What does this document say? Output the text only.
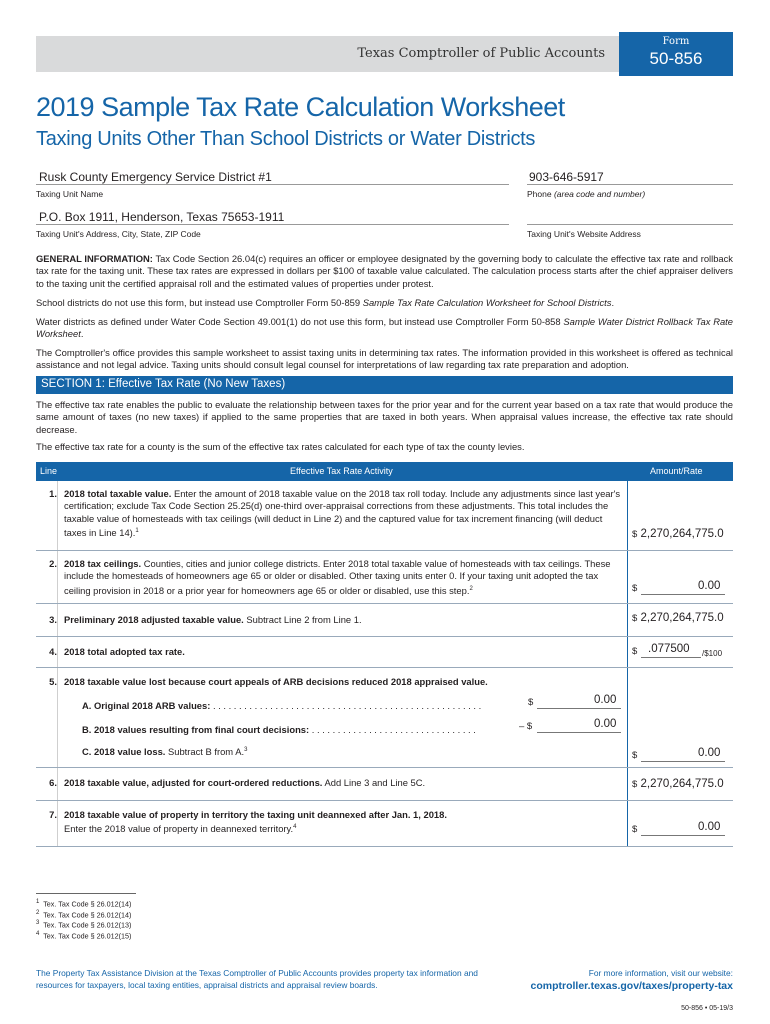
Texas Comptroller of Public Accounts
Form
50-856
2019 Sample Tax Rate Calculation Worksheet
Taxing Units Other Than School Districts or Water Districts
Rusk County Emergency Service District #1
Taxing Unit Name
903-646-5917
Phone (area code and number)
P.O. Box 1911, Henderson, Texas 75653-1911
Taxing Unit's Address, City, State, ZIP Code	Taxing Unit's Website Address
GENERAL INFORMATION: Tax Code Section 26.04(c) requires an officer or employee designated by the governing body to calculate the effective tax rate and rollback tax rate for the taxing unit. These tax rates are expressed in dollars per $100 of taxable value calculated. The calculation process starts after the chief appraiser delivers to the taxing unit the certified appraisal roll and the estimated values of properties under protest.
School districts do not use this form, but instead use Comptroller Form 50-859 Sample Tax Rate Calculation Worksheet for School Districts.
Water districts as defined under Water Code Section 49.001(1) do not use this form, but instead use Comptroller Form 50-858 Sample Water District Rollback Tax Rate Worksheet.
The Comptroller's office provides this sample worksheet to assist taxing units in determining tax rates. The information provided in this worksheet is offered as technical assistance and not legal advice. Taxing units should consult legal counsel for interpretations of law regarding tax rate preparation and adoption.
SECTION 1: Effective Tax Rate (No New Taxes)
The effective tax rate enables the public to evaluate the relationship between taxes for the prior year and for the current year based on a tax rate that would produce the same amount of taxes (no new taxes) if applied to the same properties that are taxed in both years. When appraisal values increase, the effective tax rate should decrease.
The effective tax rate for a county is the sum of the effective tax rates calculated for each type of tax the county levies.
Line	Effective Tax Rate Activity	Amount/Rate
1. 2018 total taxable value. Enter the amount of 2018 taxable value on the 2018 tax roll today. Include any adjustments since last year's certification; exclude Tax Code Section 25.25(d) one-third over-appraisal corrections from these adjustments. This total includes the taxable value of homesteads with tax ceilings (will deduct in Line 2) and the captured value for tax increment financing (will deduct taxes in Line 14).$^1$	$ 2,270,264,775.0
2. 2018 tax ceilings. Counties, cities and junior college districts. Enter 2018 total taxable value of homesteads with tax ceilings. These include the homesteads of homeowners age 65 or older or disabled. Other taxing units enter 0. If your taxing unit adopted the tax ceiling provision in 2018 or a prior year for homeowners age 65 or older or disabled, use this step.$^2$	$	0.00
3. Preliminary 2018 adjusted taxable value. Subtract Line 2 from Line 1.	$ 2,270,264,775.0
4. 2018 total adopted tax rate.	$ .077500 /$100
5. 2018 taxable value lost because court appeals of ARB decisions reduced 2018 appraised value.
A. Original 2018 ARB values: . . . . . . . . . . . . . . . . . . . . . . . . . . . . . . . . . . . . . . . . . . . . . . . . . . . .	$	0.00
B. 2018 values resulting from final court decisions: . . . . . . . . . . . . . . . . . . . . . . . . . . . . . . . .	– $	0.00
C. 2018 value loss. Subtract B from A.$^3$
$	0.00
6. 2018 taxable value, adjusted for court-ordered reductions. Add Line 3 and Line 5C.	$ 2,270,264,775.0
7. 2018 taxable value of property in territory the taxing unit deannexed after Jan. 1, 2018.
Enter the 2018 value of property in deannexed territory.$^4$	$	0.00
$^1$ Tex. Tax Code § 26.012(14)
$^2$ Tex. Tax Code § 26.012(14)
$^3$ Tex. Tax Code § 26.012(13)
$^4$ Tex. Tax Code § 26.012(15)
The Property Tax Assistance Division at the Texas Comptroller of Public Accounts provides property tax information and resources for taxpayers, local taxing entities, appraisal districts and appraisal review boards.
For more information, visit our website:
comptroller.texas.gov/taxes/property-tax
50-856 • 05-19/3
